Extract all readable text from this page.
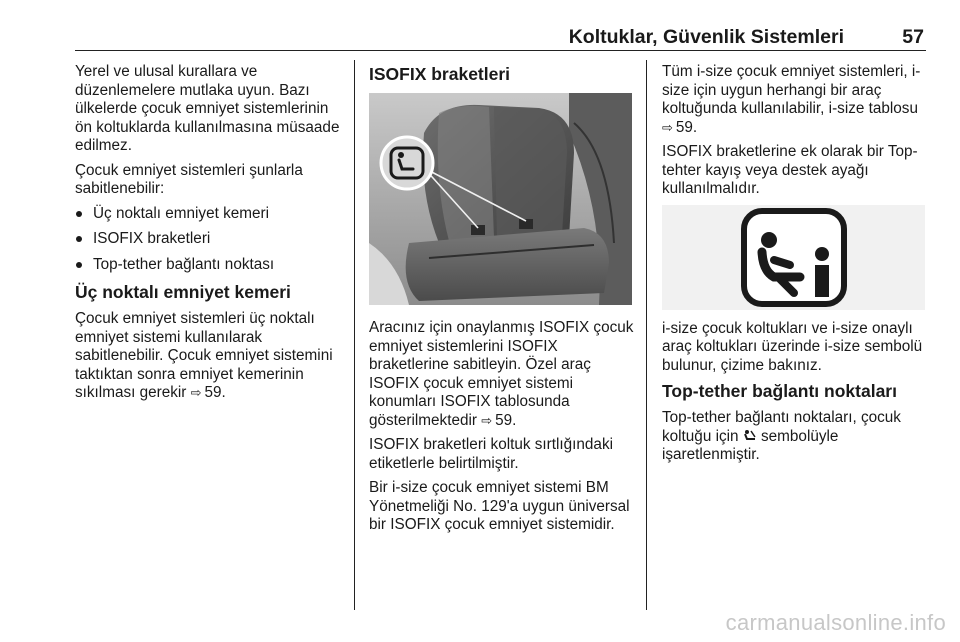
Koltuklar, Güvenlik Sistemleri	57

Yerel ve ulusal kurallara ve düzenlemelere mutlaka uyun. Bazı ülkelerde çocuk emniyet sistemlerinin ön koltuklarda kullanılmasına müsaade edilmez.

Çocuk emniyet sistemleri şunlarla sabitlenebilir:

Üç noktalı emniyet kemeri
ISOFIX braketleri
Top-tether bağlantı noktası
Üç noktalı emniyet kemeri

Çocuk emniyet sistemleri üç noktalı emniyet sistemi kullanılarak sabitlenebilir. Çocuk emniyet sistemini taktıktan sonra emniyet kemerinin sıkılması gerekir ⇨ 59.

ISOFIX braketleri

Aracınız için onaylanmış ISOFIX çocuk emniyet sistemlerini ISOFIX braketlerine sabitleyin. Özel araç ISOFIX çocuk emniyet sistemi konumları ISOFIX tablosunda gösterilmektedir ⇨ 59.

ISOFIX braketleri koltuk sırtlığındaki etiketlerle belirtilmiştir.

Bir i-size çocuk emniyet sistemi BM Yönetmeliği No. 129'a uygun üniversal bir ISOFIX çocuk emniyet sistemidir.

Tüm i-size çocuk emniyet sistemleri, i-size için uygun herhangi bir araç koltuğunda kullanılabilir, i-size tablosu ⇨ 59.

ISOFIX braketlerine ek olarak bir Top-tehter kayış veya destek ayağı kullanılmalıdır.

i-size çocuk koltukları ve i-size onaylı araç koltukları üzerinde i-size sembolü bulunur, çizime bakınız.

Top-tether bağlantı noktaları

Top-tether bağlantı noktaları, çocuk koltuğu için sembolüyle işaretlenmiştir.

carmanualsonline.info
